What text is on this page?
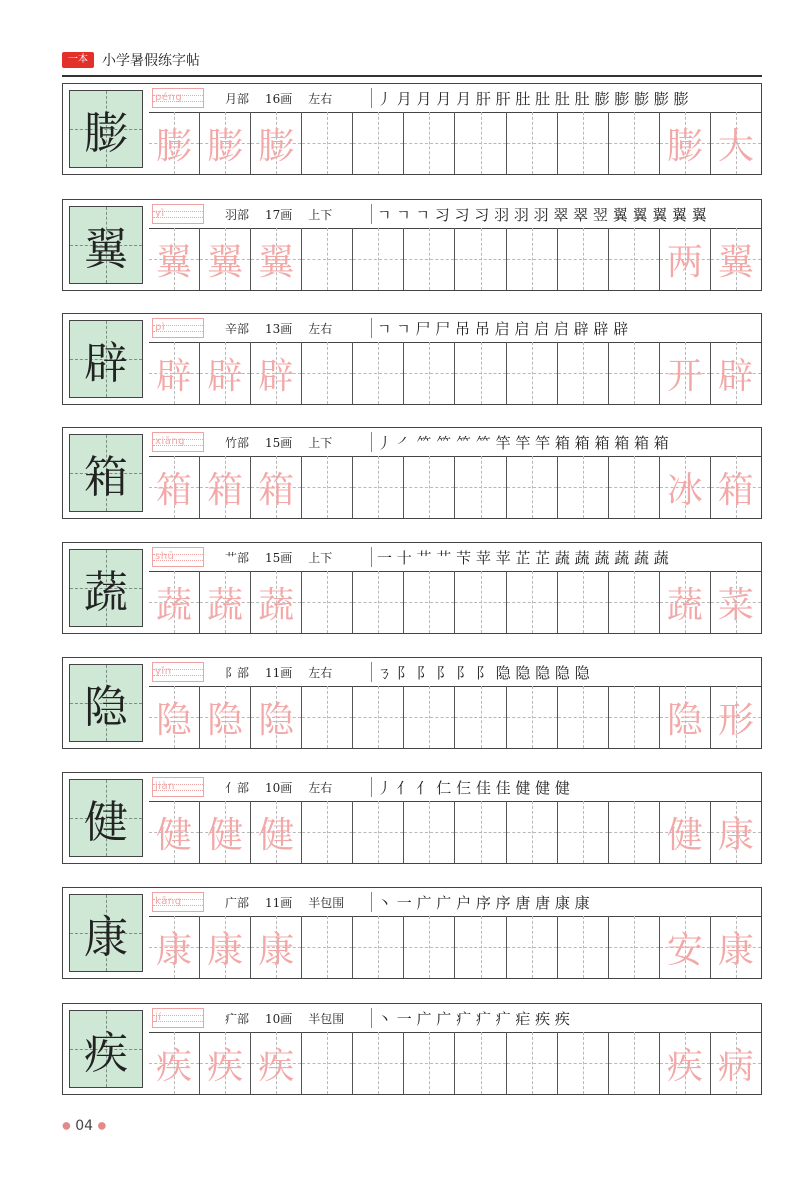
一本	小学暑假练字帖
膨
péng	月部 16画 左右	丿 月 月 月 月 肝 肝 肚 肚 肚 肚 膨 膨 膨 膨 膨
膨 膨 膨	膨 大
翼
yì	羽部 17画 上下	ㄱ ㄱ ㄱ 习 习 习 羽 羽 羽 翠 翠 翌 翼 翼 翼 翼 翼
翼 翼 翼	两 翼
辟
pì	辛部 13画 左右	ㄱ ㄱ 尸 尸 吊 吊 启 启 启 启 辟 辟 辟
辟 辟 辟	开 辟
箱
xiāng	竹部 15画 上下	丿 ㇒ ⺮ ⺮ ⺮ ⺮ 竿 竿 竿 箱 箱 箱 箱 箱 箱
箱 箱 箱	冰 箱
蔬
shū	艹部 15画 上下	一 十 艹 艹 芐 苹 苹 芷 芷 蔬 蔬 蔬 蔬 蔬 蔬
蔬 蔬 蔬	蔬 菜
隐
yǐn	阝部 11画 左右	ㄋ 阝 阝 阝 阝 阝 隐 隐 隐 隐 隐
隐 隐 隐	隐 形
健
jiàn	亻部 10画 左右	丿 亻 亻 仁 仨 佳 佳 健 健 健
健 健 健	健 康
康
kāng	广部 11画 半包围	丶 一 广 广 户 序 序 唐 唐 康 康
康 康 康	安 康
疾
jí	疒部 10画 半包围	丶 一 广 广 疒 疒 疒 疟 疾 疾
疾 疾 疾	疾 病
● 04 ●
